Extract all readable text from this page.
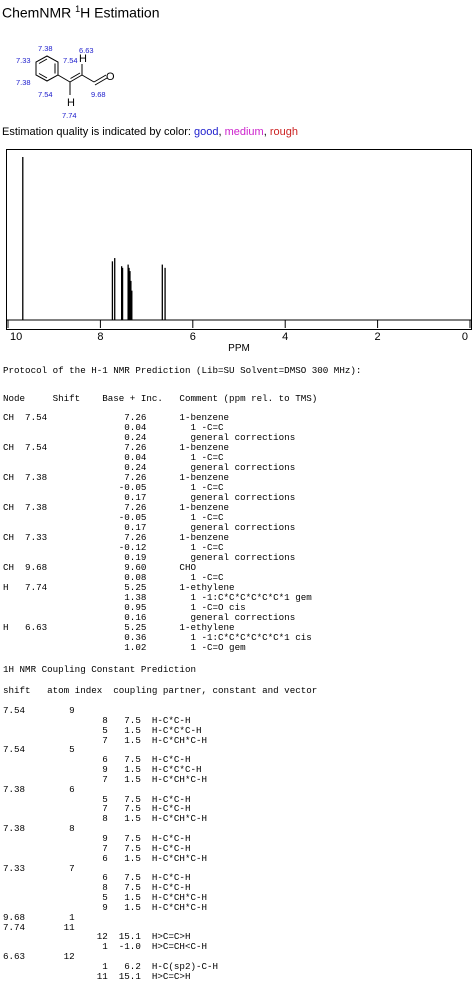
ChemNMR $^1$H Estimation
H
H
O
7.38
7.33
6.63
7.54
7.38
7.54	9.68
7.74
Estimation quality is indicated by color: good, medium, rough
10	8	6	4	2	0
PPM
Protocol of the H-1 NMR Prediction (Lib=SU Solvent=DMSO 300 MHz):
Node     Shift    Base + Inc.   Comment (ppm rel. to TMS)
CH  7.54              7.26      1-benzene
0.04        1 -C=C
0.24        general corrections
CH  7.54              7.26      1-benzene
0.04        1 -C=C
0.24        general corrections
CH  7.38              7.26      1-benzene
-0.05        1 -C=C
0.17        general corrections
CH  7.38              7.26      1-benzene
-0.05        1 -C=C
0.17        general corrections
CH  7.33              7.26      1-benzene
-0.12        1 -C=C
0.19        general corrections
CH  9.68              9.60      CHO
0.08        1 -C=C
H   7.74              5.25      1-ethylene
1.38        1 -1:C*C*C*C*C*C*1 gem
0.95        1 -C=O cis
0.16        general corrections
H   6.63              5.25      1-ethylene
0.36        1 -1:C*C*C*C*C*C*1 cis
1.02        1 -C=O gem
1H NMR Coupling Constant Prediction
shift   atom index  coupling partner, constant and vector
7.54        9
8   7.5  H-C*C-H
5   1.5  H-C*C*C-H
7   1.5  H-C*CH*C-H
7.54        5
6   7.5  H-C*C-H
9   1.5  H-C*C*C-H
7   1.5  H-C*CH*C-H
7.38        6
5   7.5  H-C*C-H
7   7.5  H-C*C-H
8   1.5  H-C*CH*C-H
7.38        8
9   7.5  H-C*C-H
7   7.5  H-C*C-H
6   1.5  H-C*CH*C-H
7.33        7
6   7.5  H-C*C-H
8   7.5  H-C*C-H
5   1.5  H-C*CH*C-H
9   1.5  H-C*CH*C-H
9.68        1
7.74       11
12  15.1  H>C=C>H
1  -1.0  H>C=CH<C-H
6.63       12
1   6.2  H-C(sp2)-C-H
11  15.1  H>C=C>H
